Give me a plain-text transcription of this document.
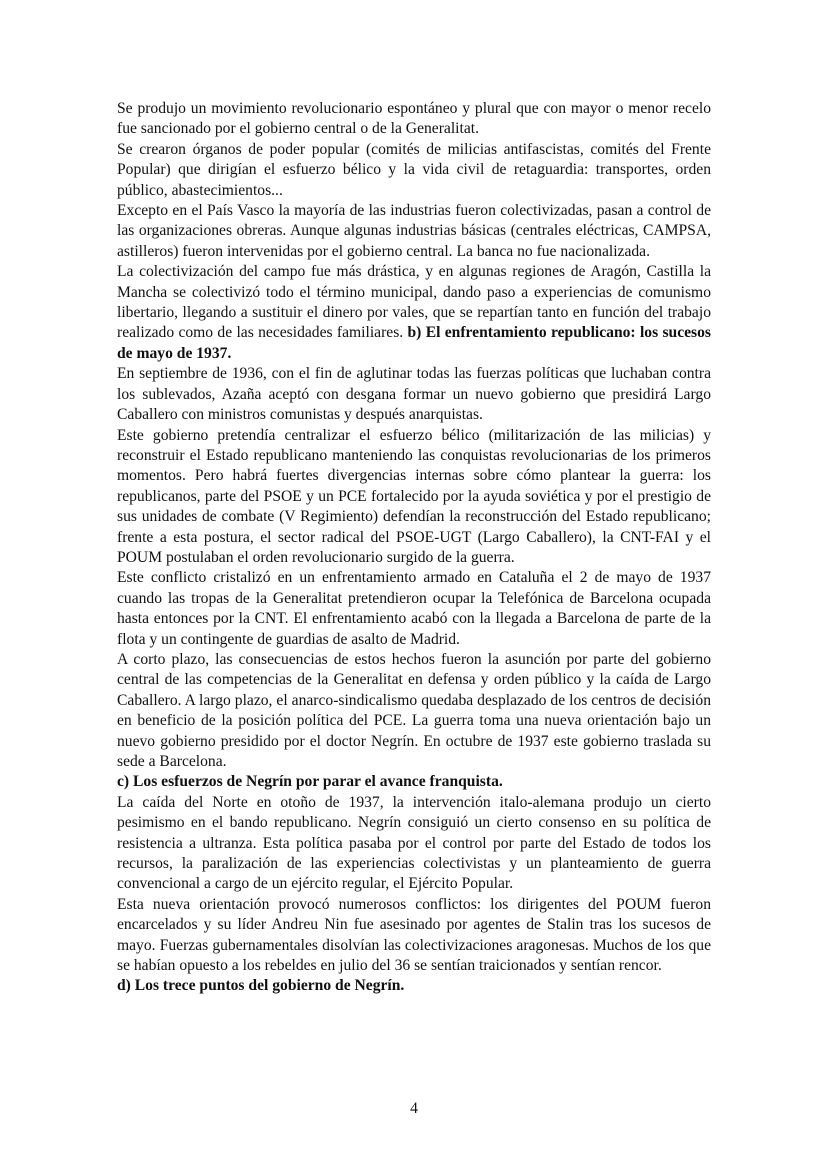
Se produjo un movimiento revolucionario espontáneo y plural que con mayor o menor recelo fue sancionado por el gobierno central o de la Generalitat.

Se crearon órganos de poder popular (comités de milicias antifascistas, comités del Frente Popular) que dirigían el esfuerzo bélico y la vida civil de retaguardia: transportes, orden público, abastecimientos...

Excepto en el País Vasco la mayoría de las industrias fueron colectivizadas, pasan a control de las organizaciones obreras. Aunque algunas industrias básicas (centrales eléctricas, CAMPSA, astilleros) fueron intervenidas por el gobierno central. La banca no fue nacionalizada.

La colectivización del campo fue más drástica, y en algunas regiones de Aragón, Castilla la Mancha se colectivizó todo el término municipal, dando paso a experiencias de comunismo libertario, llegando a sustituir el dinero por vales, que se repartían tanto en función del trabajo realizado como de las necesidades familiares. b) El enfrentamiento republicano: los sucesos de mayo de 1937.

En septiembre de 1936, con el fin de aglutinar todas las fuerzas políticas que luchaban contra los sublevados, Azaña aceptó con desgana formar un nuevo gobierno que presidirá Largo Caballero con ministros comunistas y después anarquistas.

Este gobierno pretendía centralizar el esfuerzo bélico (militarización de las milicias) y reconstruir el Estado republicano manteniendo las conquistas revolucionarias de los primeros momentos. Pero habrá fuertes divergencias internas sobre cómo plantear la guerra: los republicanos, parte del PSOE y un PCE fortalecido por la ayuda soviética y por el prestigio de sus unidades de combate (V Regimiento) defendían la reconstrucción del Estado republicano; frente a esta postura, el sector radical del PSOE-UGT (Largo Caballero), la CNT-FAI y el POUM postulaban el orden revolucionario surgido de la guerra.

Este conflicto cristalizó en un enfrentamiento armado en Cataluña el 2 de mayo de 1937 cuando las tropas de la Generalitat pretendieron ocupar la Telefónica de Barcelona ocupada hasta entonces por la CNT. El enfrentamiento acabó con la llegada a Barcelona de parte de la flota y un contingente de guardias de asalto de Madrid.

A corto plazo, las consecuencias de estos hechos fueron la asunción por parte del gobierno central de las competencias de la Generalitat en defensa y orden público y la caída de Largo Caballero. A largo plazo, el anarco-sindicalismo quedaba desplazado de los centros de decisión en beneficio de la posición política del PCE. La guerra toma una nueva orientación bajo un nuevo gobierno presidido por el doctor Negrín. En octubre de 1937 este gobierno traslada su sede a Barcelona.

c) Los esfuerzos de Negrín por parar el avance franquista.

La caída del Norte en otoño de 1937, la intervención italo-alemana produjo un cierto pesimismo en el bando republicano. Negrín consiguió un cierto consenso en su política de resistencia a ultranza. Esta política pasaba por el control por parte del Estado de todos los recursos, la paralización de las experiencias colectivistas y un planteamiento de guerra convencional a cargo de un ejército regular, el Ejército Popular.

Esta nueva orientación provocó numerosos conflictos: los dirigentes del POUM fueron encarcelados y su líder Andreu Nin fue asesinado por agentes de Stalin tras los sucesos de mayo. Fuerzas gubernamentales disolvían las colectivizaciones aragonesas. Muchos de los que se habían opuesto a los rebeldes en julio del 36 se sentían traicionados y sentían rencor.

d) Los trece puntos del gobierno de Negrín.

4
